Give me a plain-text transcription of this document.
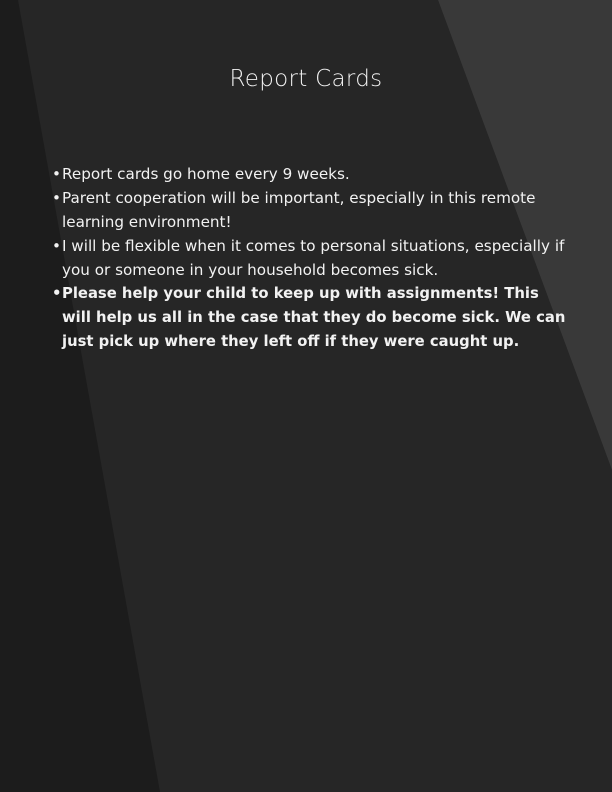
Report Cards
• Report cards go home every 9 weeks.
• Parent cooperation will be important, especially in this remote learning environment!
• I will be flexible when it comes to personal situations, especially if you or someone in your household becomes sick.
• Please help your child to keep up with assignments! This will help us all in the case that they do become sick. We can just pick up where they left off if they were caught up.
